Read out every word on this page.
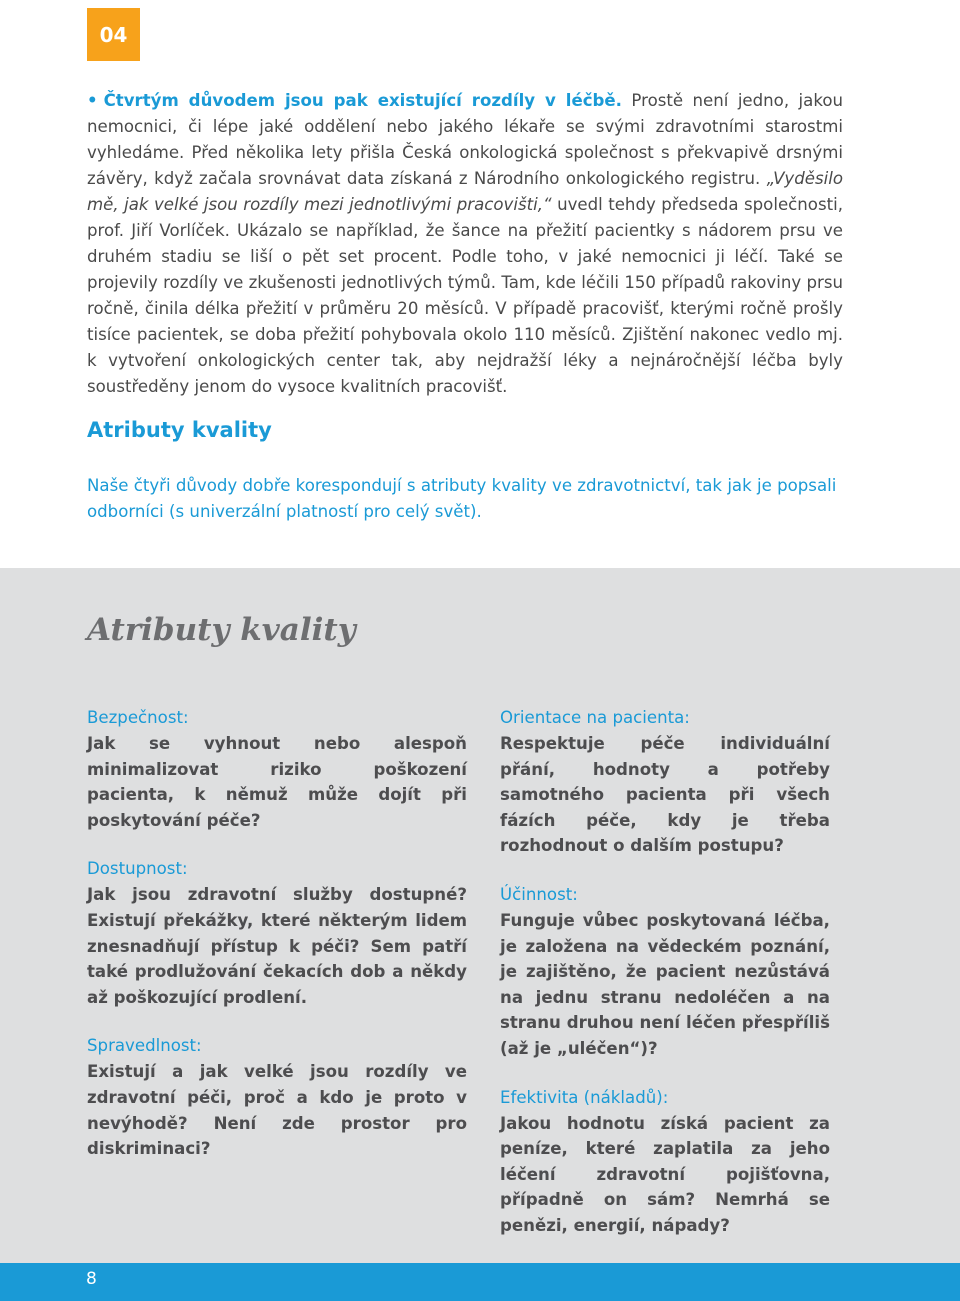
04

• Čtvrtým důvodem jsou pak existující rozdíly v léčbě. Prostě není jedno, jakou nemocnici, či lépe jaké oddělení nebo jakého lékaře se svými zdravotními starostmi vyhledáme. Před několika lety přišla Česká onkologická společnost s překvapivě drsnými závěry, když začala srovnávat data získaná z Národního onkologického registru. „Vyděsilo mě, jak velké jsou rozdíly mezi jednotlivými pracovišti,“ uvedl tehdy předseda společnosti, prof. Jiří Vorlíček. Ukázalo se například, že šance na přežití pacientky s nádorem prsu ve druhém stadiu se liší o pět set procent. Podle toho, v jaké nemocnici ji léčí. Také se projevily rozdíly ve zkušenosti jednotlivých týmů. Tam, kde léčili 150 případů rakoviny prsu ročně, činila délka přežití v průměru 20 měsíců. V případě pracovišť, kterými ročně prošly tisíce pacientek, se doba přežití pohybovala okolo 110 měsíců. Zjištění nakonec vedlo mj. k vytvoření onkologických center tak, aby nejdražší léky a nejnáročnější léčba byly soustředěny jenom do vysoce kvalitních pracovišť.

Atributy kvality

Naše čtyři důvody dobře korespondují s atributy kvality ve zdravotnictví, tak jak je popsali odborníci (s univerzální platností pro celý svět).

Atributy kvality

Bezpečnost:

Jak se vyhnout nebo alespoň minimalizovat riziko poškození pacienta, k němuž může dojít při poskytování péče?

Dostupnost:

Jak jsou zdravotní služby dostupné? Existují překážky, které některým lidem znesnadňují přístup k péči? Sem patří také prodlužování čekacích dob a někdy až poškozující prodlení.

Spravedlnost:

Existují a jak velké jsou rozdíly ve zdravotní péči, proč a kdo je proto v nevýhodě? Není zde prostor pro diskriminaci?

Orientace na pacienta:

Respektuje péče individuální přání, hodnoty a potřeby samotného pacienta při všech fázích péče, kdy je třeba rozhodnout o dalším postupu?

Účinnost:

Funguje vůbec poskytovaná léčba, je založena na vědeckém poznání, je zajištěno, že pacient nezůstává na jednu stranu nedoléčen a na stranu druhou není léčen přespříliš (až je „uléčen“)?

Efektivita (nákladů):

Jakou hodnotu získá pacient za peníze, které zaplatila za jeho léčení zdravotní pojišťovna, případně on sám? Nemrhá se penězi, energií, nápady?

8
